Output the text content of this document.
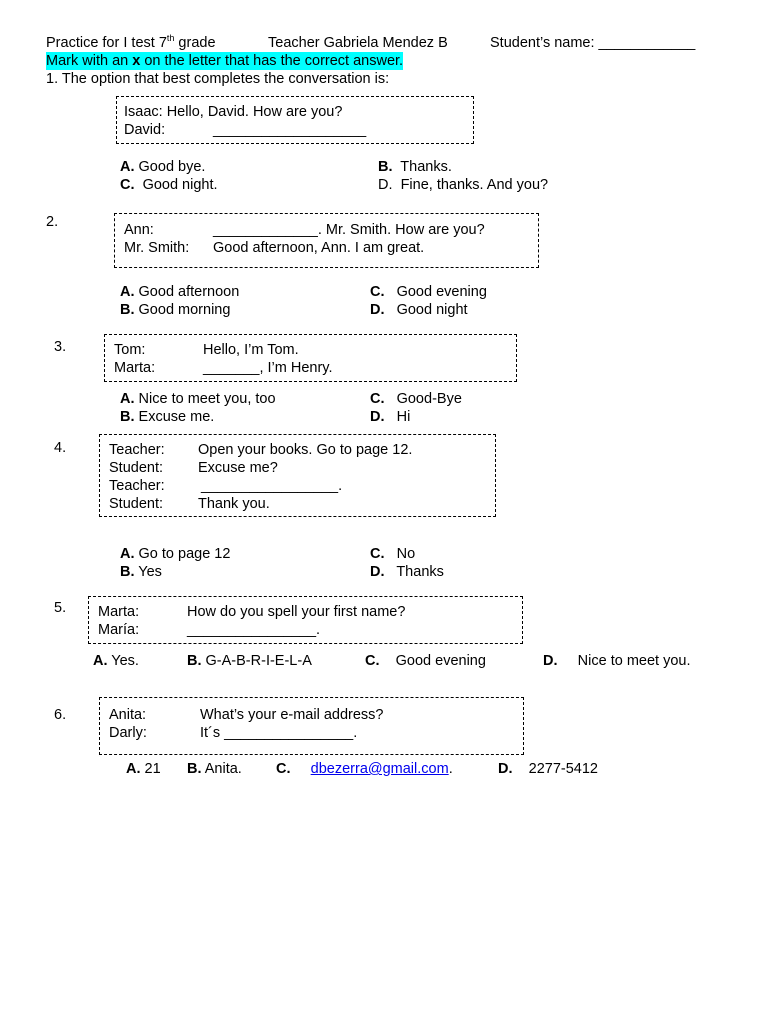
Practice for I test 7th grade	Teacher Gabriela Mendez B	Student’s name: ____________
Mark with an x on the letter that has the correct answer.
1. The option that best completes the conversation is:
Isaac: Hello, David. How are you?
David:	___________________
A. Good bye.	B. Thanks.
C. Good night.	D. Fine, thanks. And you?
2.	Ann:	_____________. Mr. Smith. How are you?
Mr. Smith: Good afternoon, Ann. I am great.
A. Good afternoon	C. Good evening
B. Good morning	D. Good night
3.	Tom:	Hello, I’m Tom.
Marta:	_______, I’m Henry.
A. Nice to meet you, too	C. Good-Bye
B. Excuse me.	D. Hi
4.	Teacher: Open your books. Go to page 12.
Student: Excuse me?
Teacher:	_________________.
Student: Thank you.
A. Go to page 12	C. No
B. Yes	D. Thanks
5. Marta:	How do you spell your first name?
María:	________________.
A. Yes.	B. G-A-B-R-I-E-L-A	C. Good evening	D. Nice to meet you.
6.	Anita:	What’s your e-mail address?
Darly:	It´s ________________.
A. 21 B. Anita. C. dbezerra@gmail.com.	D. 2277-5412
